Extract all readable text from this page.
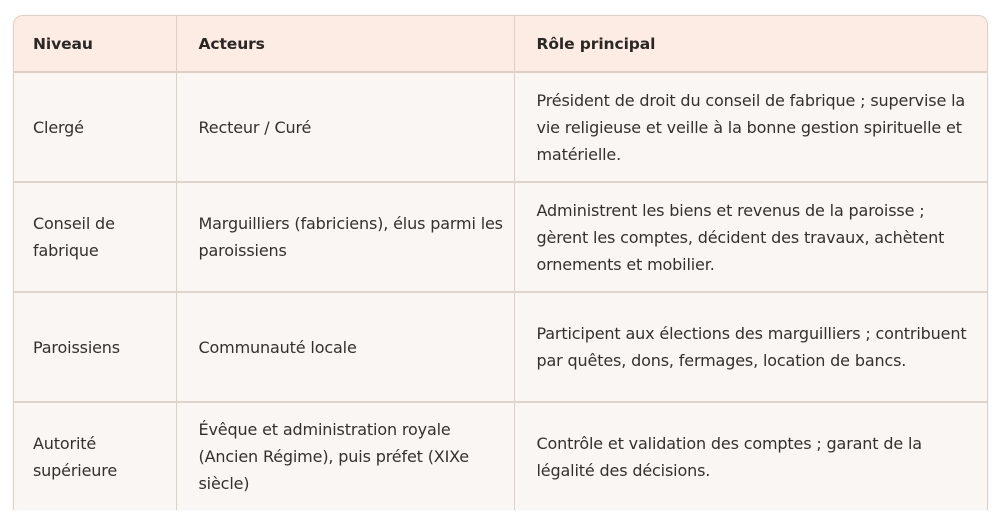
Niveau	Acteurs	Rôle principal
Clergé	Recteur / Curé	Président de droit du conseil de fabrique ; supervise la vie religieuse et veille à la bonne gestion spirituelle et matérielle.
Conseil de fabrique	Marguilliers (fabriciens), élus parmi les paroissiens	Administrent les biens et revenus de la paroisse ; gèrent les comptes, décident des travaux, achètent ornements et mobilier.
Paroissiens	Communauté locale	Participent aux élections des marguilliers ; contribuent par quêtes, dons, fermages, location de bancs.
Autorité supérieure	Évêque et administration royale (Ancien Régime), puis préfet (XIXe siècle)	Contrôle et validation des comptes ; garant de la légalité des décisions.
